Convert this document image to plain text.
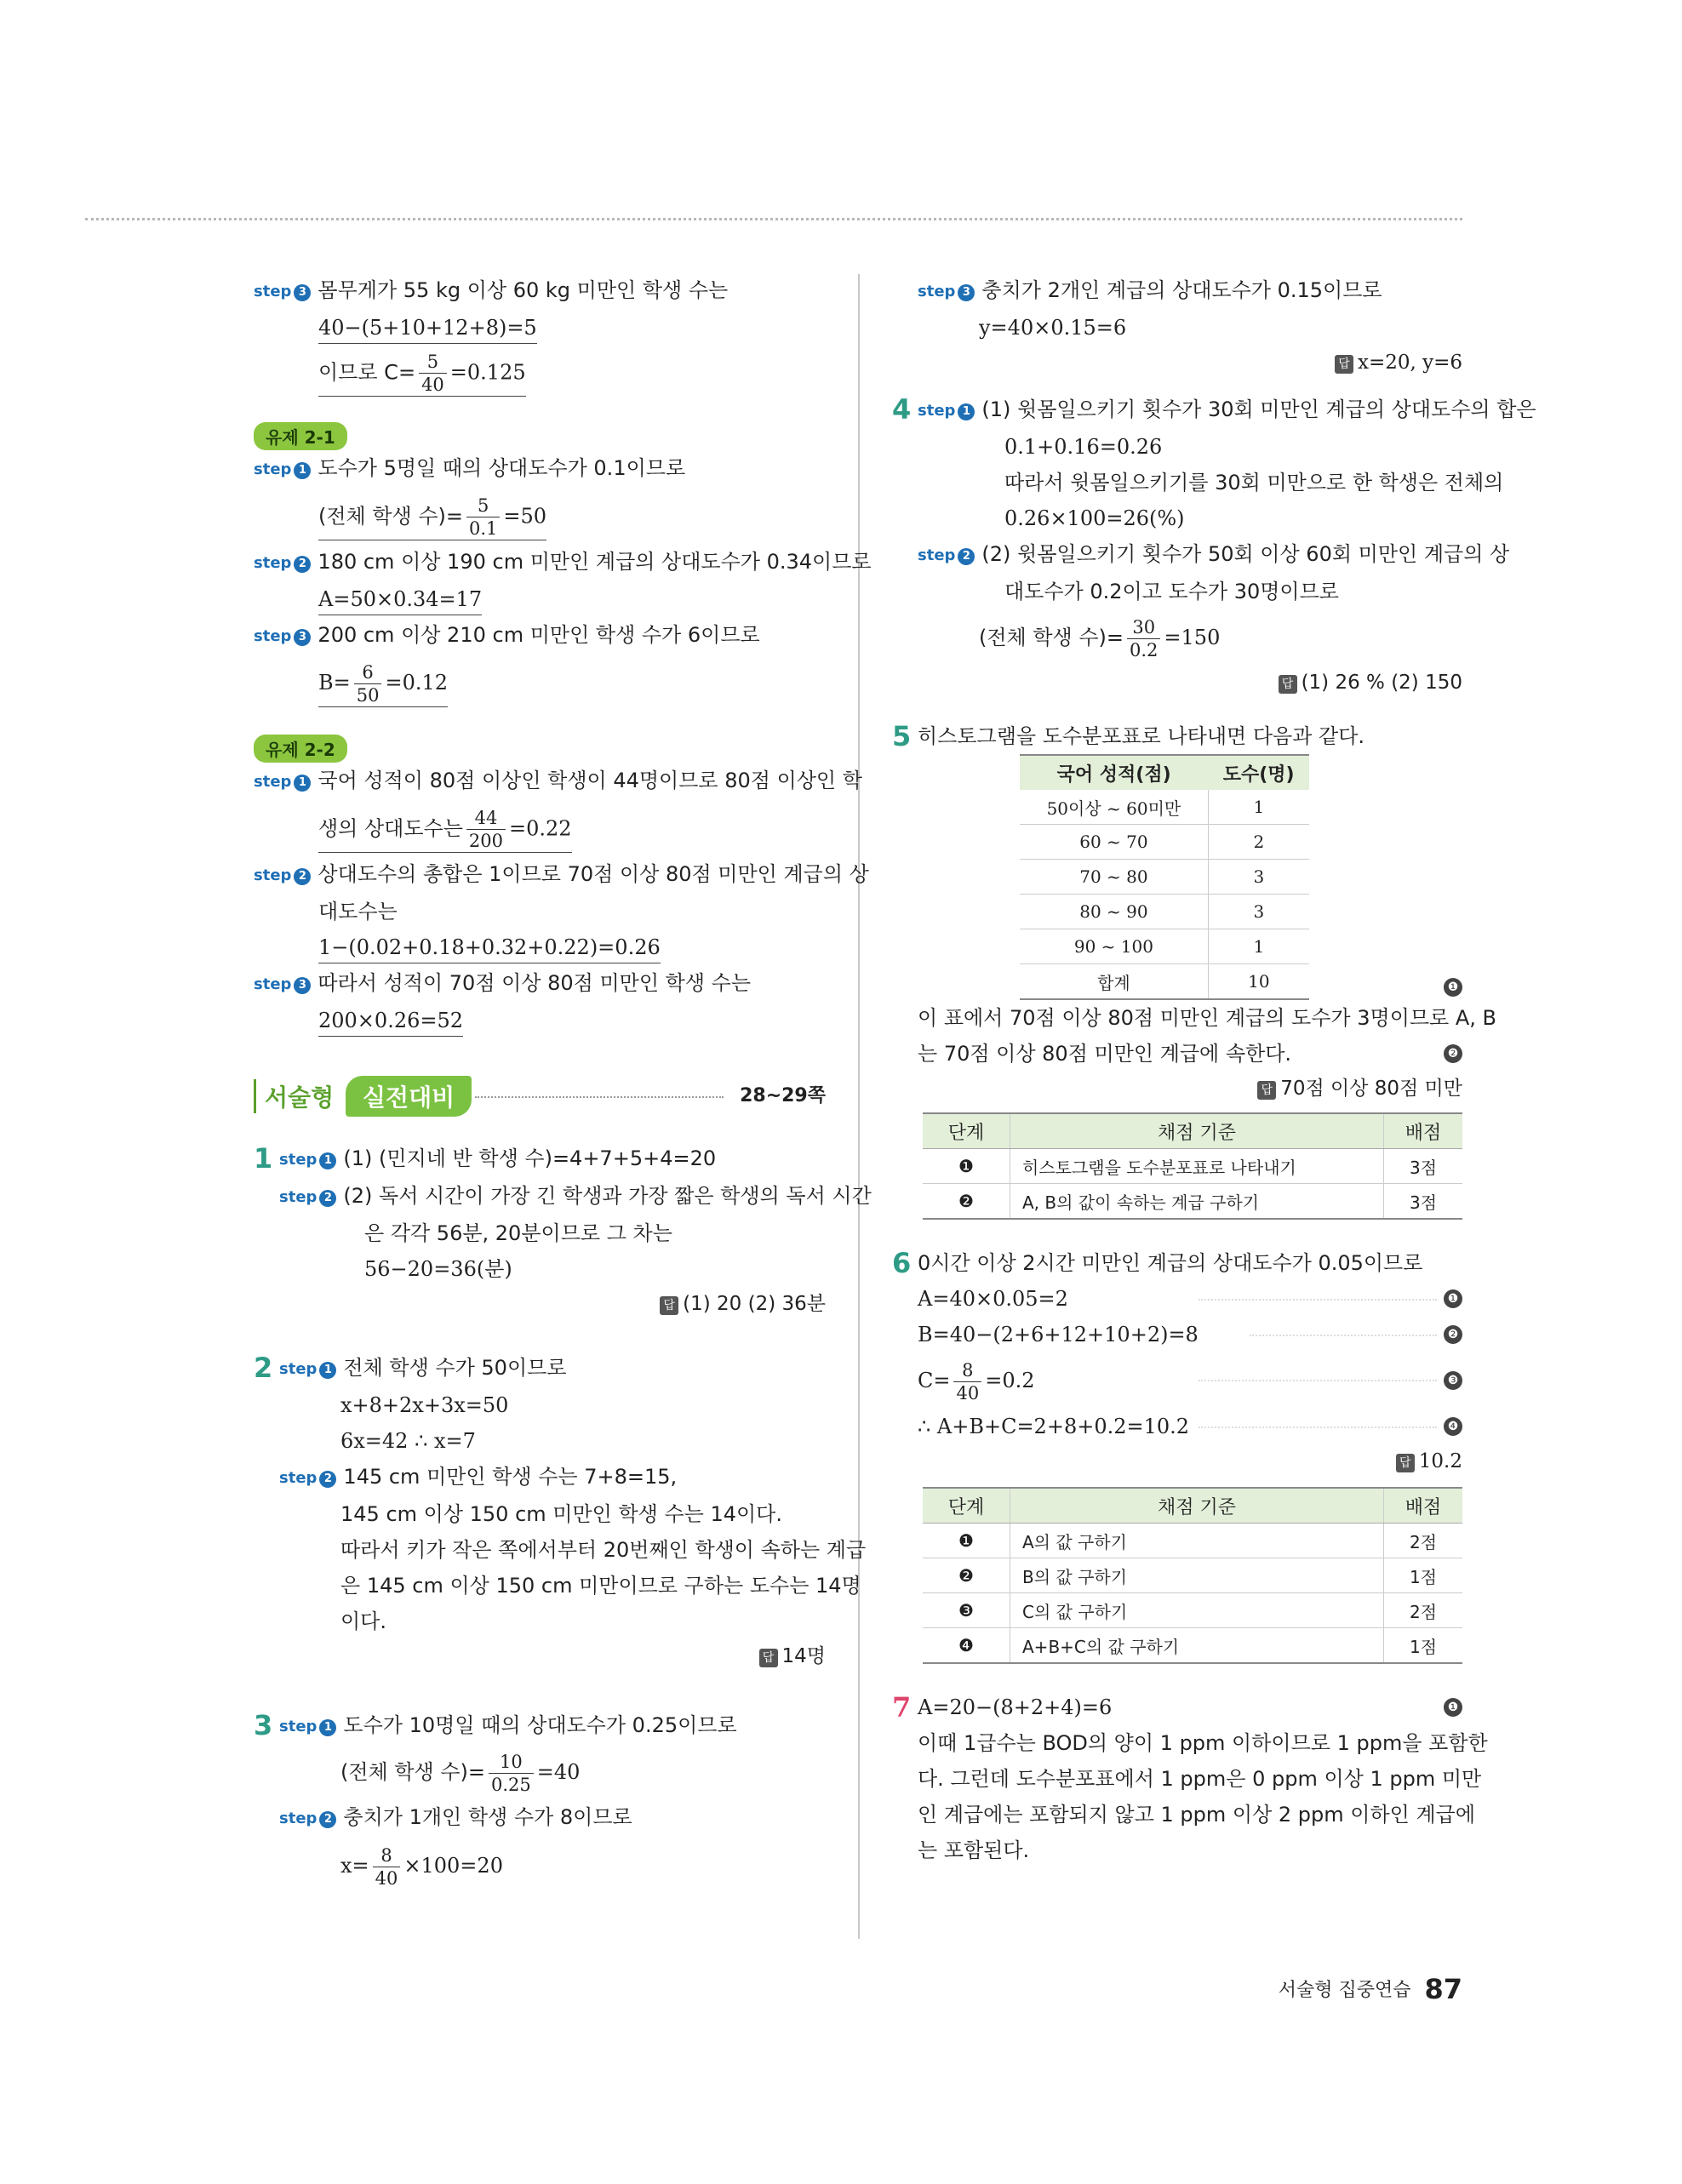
step 3 몸무게가 55 kg 이상 60 kg 미만인 학생 수는
40−(5+10+12+8)=5
이므로 $C= \frac{5}{40} =0.125$
유제 2-1
step 1 도수가 5명일 때의 상대도수가 0.1이므로
(전체 학생 수)= $\frac{5}{0.1} =50$
step 2 180 cm 이상 190 cm 미만인 계급의 상대도수가 0.34이므로
A=50×0.34=17
step 3 200 cm 이상 210 cm 미만인 학생 수가 6이므로
$B= \frac{6}{50} =0.12$
유제 2-2
step 1 국어 성적이 80점 이상인 학생이 44명이므로 80점 이상인 학
생의 상대도수는 $\frac{44}{200} =0.22$
step 2 상대도수의 총합은 1이므로 70점 이상 80점 미만인 계급의 상
대도수는
1−(0.02+0.18+0.32+0.22)=0.26
step 3 따라서 성적이 70점 이상 80점 미만인 학생 수는
200×0.26=52
서술형	실전대비	28~29쪽
1 step 1 (1) (민지네 반 학생 수)=4+7+5+4=20
step 2 (2) 독서 시간이 가장 긴 학생과 가장 짧은 학생의 독서 시간
은 각각 56분, 20분이므로 그 차는
56−20=36(분)
답 (1) 20 (2) 36분
2 step 1 전체 학생 수가 50이므로
x+8+2x+3x=50
6x=42 ∴ x=7
step 2 145 cm 미만인 학생 수는 7+8=15,
145 cm 이상 150 cm 미만인 학생 수는 14이다.
따라서 키가 작은 쪽에서부터 20번째인 학생이 속하는 계급
은 145 cm 이상 150 cm 미만이므로 구하는 도수는 14명
이다.
답 14명
3 step 1 도수가 10명일 때의 상대도수가 0.25이므로
(전체 학생 수)= $\frac{10}{0.25} =40$
step 2 충치가 1개인 학생 수가 8이므로
$x= \frac{8}{40} \times 100=20$
step 3 충치가 2개인 계급의 상대도수가 0.15이므로
y=40×0.15=6
답 x=20, y=6
4 step 1 (1) 윗몸일으키기 횟수가 30회 미만인 계급의 상대도수의 합은
0.1+0.16=0.26
따라서 윗몸일으키기를 30회 미만으로 한 학생은 전체의
0.26×100=26(%)
step 2 (2) 윗몸일으키기 횟수가 50회 이상 60회 미만인 계급의 상
대도수가 0.2이고 도수가 30명이므로
(전체 학생 수)= $\frac{30}{0.2} =150$
답 (1) 26 % (2) 150
5 히스토그램을 도수분포표로 나타내면 다음과 같다.
국어 성적(점)	도수(명)
50이상 ~ 60미만	1
60 ~ 70	2
70 ~ 80	3
80 ~ 90	3
90 ~ 100	1
합계	10	❶
이 표에서 70점 이상 80점 미만인 계급의 도수가 3명이므로 A, B
는 70점 이상 80점 미만인 계급에 속한다.	❷
답 70점 이상 80점 미만
단계	채점 기준	배점
❶	히스토그램을 도수분포표로 나타내기	3점
❷	A, B의 값이 속하는 계급 구하기	3점
6 0시간 이상 2시간 미만인 계급의 상대도수가 0.05이므로
A=40×0.05=2	❶
B=40−(2+6+12+10+2)=8	❷
$C= \frac{8}{40} =0.2$	❸
∴ A+B+C=2+8+0.2=10.2	❹
답 10.2
단계	채점 기준	배점
❶	A의 값 구하기	2점
❷	B의 값 구하기	1점
❸	C의 값 구하기	2점
❹	A+B+C의 값 구하기	1점
7 A=20−(8+2+4)=6	❶
이때 1급수는 BOD의 양이 1 ppm 이하이므로 1 ppm을 포함한
다. 그런데 도수분포표에서 1 ppm은 0 ppm 이상 1 ppm 미만
인 계급에는 포함되지 않고 1 ppm 이상 2 ppm 이하인 계급에
는 포함된다.
서술형 집중연습 87
